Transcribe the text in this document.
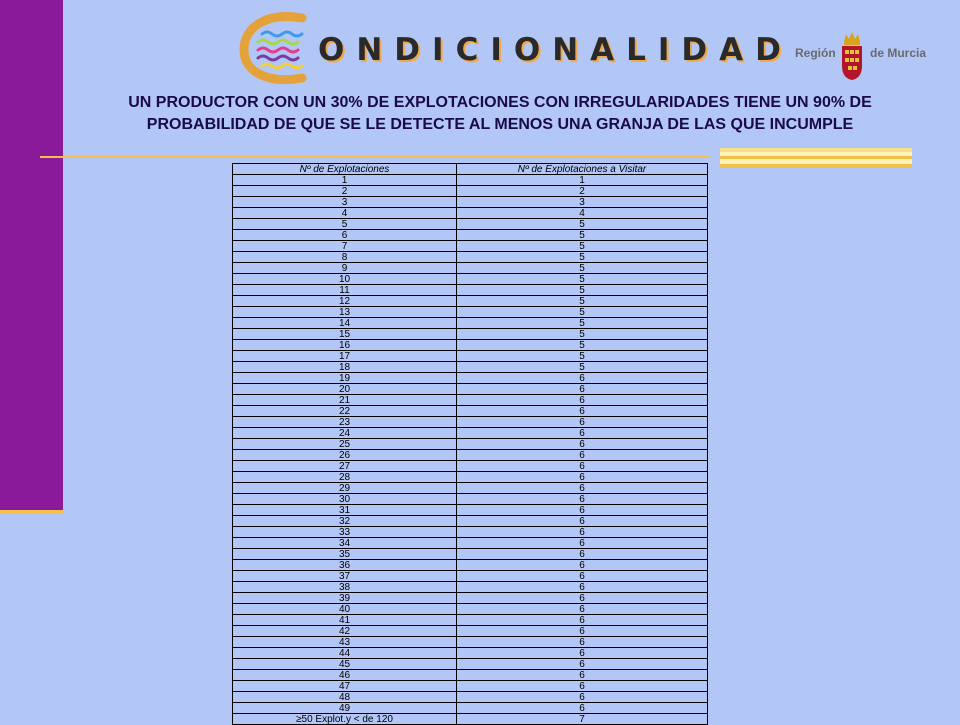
ONDICIONALIDAD Región	de Murcia
UN PRODUCTOR CON UN 30% DE EXPLOTACIONES CON IRREGULARIDADES TIENE UN 90% DE
PROBABILIDAD DE QUE SE LE DETECTE AL MENOS UNA GRANJA DE LAS QUE INCUMPLE
Nº de Explotaciones	Nº de Explotaciones a Visitar
1	1
2	2
3	3
4	4
5	5
6	5
7	5
8	5
9	5
10	5
11	5
12	5
13	5
14	5
15	5
16	5
17	5
18	5
19	6
20	6
21	6
22	6
23	6
24	6
25	6
26	6
27	6
28	6
29	6
30	6
31	6
32	6
33	6
34	6
35	6
36	6
37	6
38	6
39	6
40	6
41	6
42	6
43	6
44	6
45	6
46	6
47	6
48	6
49	6
≥50 Explot.y < de 120	7
